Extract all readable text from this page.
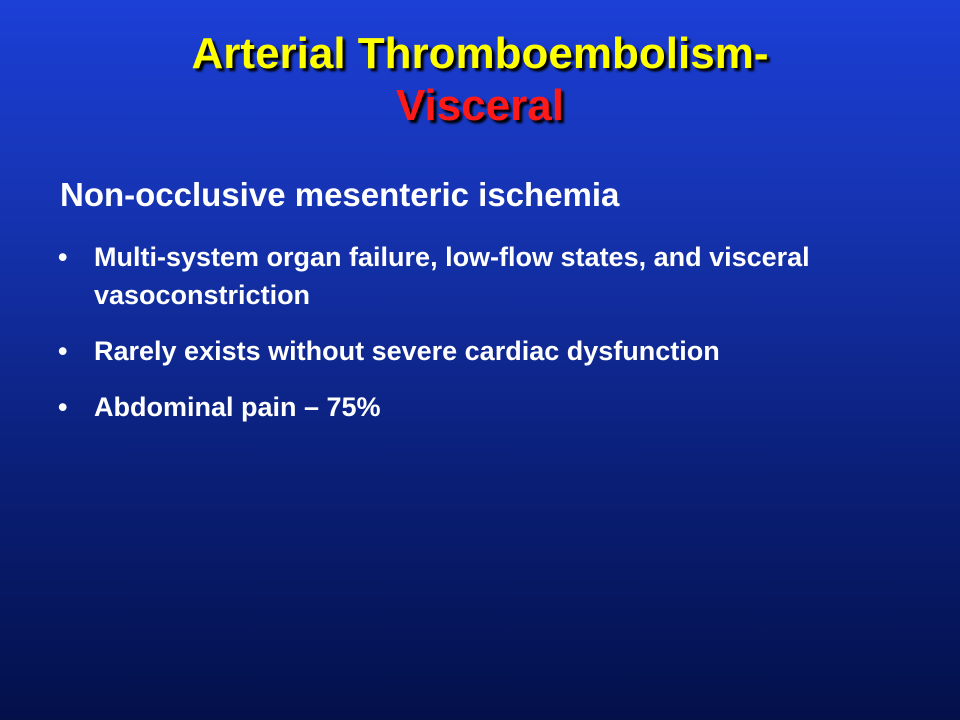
Arterial Thromboembolism-
Visceral
Non-occlusive mesenteric ischemia
• Multi-system organ failure, low-flow states, and visceral vasoconstriction
• Rarely exists without severe cardiac dysfunction
• Abdominal pain – 75%
